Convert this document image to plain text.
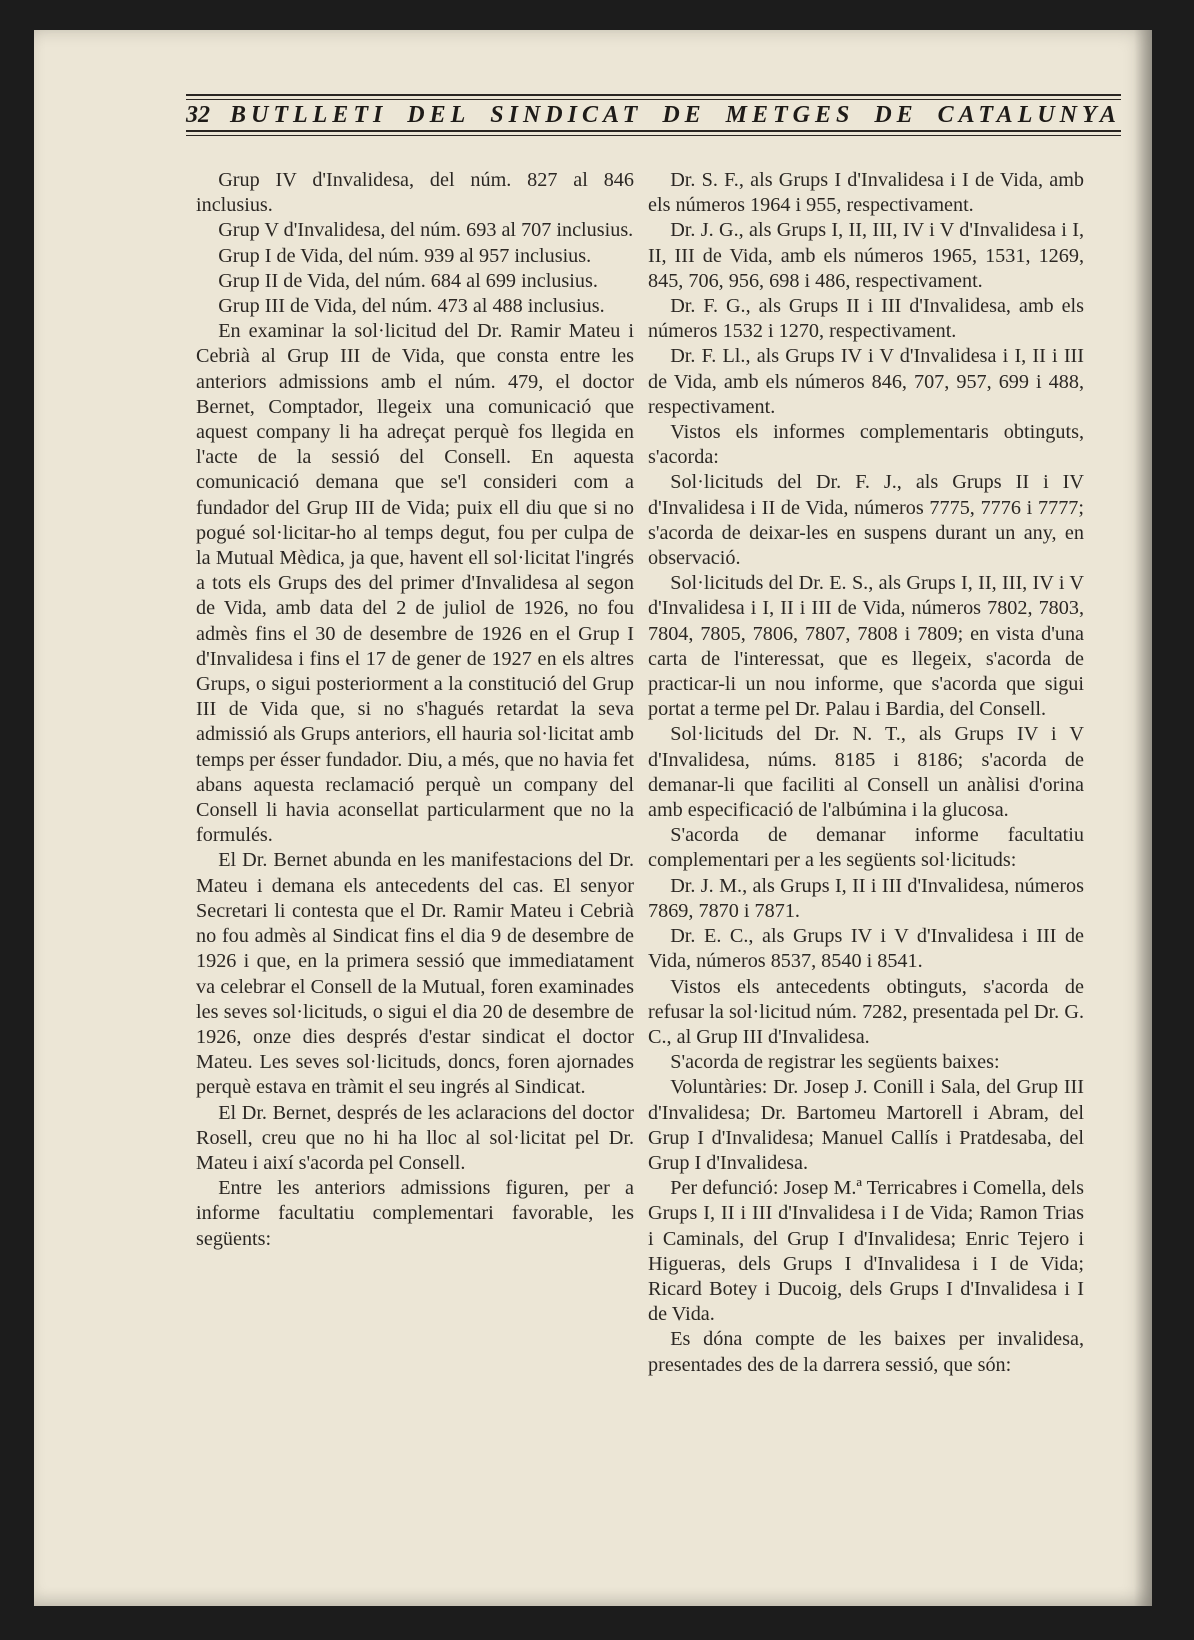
32 BUTLLETI DEL SINDICAT DE METGES DE CATALUNYA

Grup IV d'Invalidesa, del núm. 827 al 846 inclusius.

Grup V d'Invalidesa, del núm. 693 al 707 inclusius.

Grup I de Vida, del núm. 939 al 957 inclusius.

Grup II de Vida, del núm. 684 al 699 inclusius.

Grup III de Vida, del núm. 473 al 488 inclusius.

En examinar la sol·licitud del Dr. Ramir Mateu i Cebrià al Grup III de Vida, que consta entre les anteriors admissions amb el núm. 479, el doctor Bernet, Comptador, llegeix una comunicació que aquest company li ha adreçat perquè fos llegida en l'acte de la sessió del Consell. En aquesta comunicació demana que se'l consideri com a fundador del Grup III de Vida; puix ell diu que si no pogué sol·licitar-ho al temps degut, fou per culpa de la Mutual Mèdica, ja que, havent ell sol·licitat l'ingrés a tots els Grups des del primer d'Invalidesa al segon de Vida, amb data del 2 de juliol de 1926, no fou admès fins el 30 de desembre de 1926 en el Grup I d'Invalidesa i fins el 17 de gener de 1927 en els altres Grups, o sigui posteriorment a la constitució del Grup III de Vida que, si no s'hagués retardat la seva admissió als Grups anteriors, ell hauria sol·licitat amb temps per ésser fundador. Diu, a més, que no havia fet abans aquesta reclamació perquè un company del Consell li havia aconsellat particularment que no la formulés.

El Dr. Bernet abunda en les manifestacions del Dr. Mateu i demana els antecedents del cas. El senyor Secretari li contesta que el Dr. Ramir Mateu i Cebrià no fou admès al Sindicat fins el dia 9 de desembre de 1926 i que, en la primera sessió que immediatament va celebrar el Consell de la Mutual, foren examinades les seves sol·licituds, o sigui el dia 20 de desembre de 1926, onze dies després d'estar sindicat el doctor Mateu. Les seves sol·licituds, doncs, foren ajornades perquè estava en tràmit el seu ingrés al Sindicat.

El Dr. Bernet, després de les aclaracions del doctor Rosell, creu que no hi ha lloc al sol·licitat pel Dr. Mateu i així s'acorda pel Consell.

Entre les anteriors admissions figuren, per a informe facultatiu complementari favorable, les següents:

Dr. S. F., als Grups I d'Invalidesa i I de Vida, amb els números 1964 i 955, respectivament.

Dr. J. G., als Grups I, II, III, IV i V d'Invalidesa i I, II, III de Vida, amb els números 1965, 1531, 1269, 845, 706, 956, 698 i 486, respectivament.

Dr. F. G., als Grups II i III d'Invalidesa, amb els números 1532 i 1270, respectivament.

Dr. F. Ll., als Grups IV i V d'Invalidesa i I, II i III de Vida, amb els números 846, 707, 957, 699 i 488, respectivament.

Vistos els informes complementaris obtinguts, s'acorda:

Sol·licituds del Dr. F. J., als Grups II i IV d'Invalidesa i II de Vida, números 7775, 7776 i 7777; s'acorda de deixar-les en suspens durant un any, en observació.

Sol·licituds del Dr. E. S., als Grups I, II, III, IV i V d'Invalidesa i I, II i III de Vida, números 7802, 7803, 7804, 7805, 7806, 7807, 7808 i 7809; en vista d'una carta de l'interessat, que es llegeix, s'acorda de practicar-li un nou informe, que s'acorda que sigui portat a terme pel Dr. Palau i Bardia, del Consell.

Sol·licituds del Dr. N. T., als Grups IV i V d'Invalidesa, núms. 8185 i 8186; s'acorda de demanar-li que faciliti al Consell un anàlisi d'orina amb especificació de l'albúmina i la glucosa.

S'acorda de demanar informe facultatiu complementari per a les següents sol·licituds:

Dr. J. M., als Grups I, II i III d'Invalidesa, números 7869, 7870 i 7871.

Dr. E. C., als Grups IV i V d'Invalidesa i III de Vida, números 8537, 8540 i 8541.

Vistos els antecedents obtinguts, s'acorda de refusar la sol·licitud núm. 7282, presentada pel Dr. G. C., al Grup III d'Invalidesa.

S'acorda de registrar les següents baixes:

Voluntàries: Dr. Josep J. Conill i Sala, del Grup III d'Invalidesa; Dr. Bartomeu Martorell i Abram, del Grup I d'Invalidesa; Manuel Callís i Pratdesaba, del Grup I d'Invalidesa.

Per defunció: Josep M.ª Terricabres i Comella, dels Grups I, II i III d'Invalidesa i I de Vida; Ramon Trias i Caminals, del Grup I d'Invalidesa; Enric Tejero i Higueras, dels Grups I d'Invalidesa i I de Vida; Ricard Botey i Ducoig, dels Grups I d'Invalidesa i I de Vida.

Es dóna compte de les baixes per invalidesa, presentades des de la darrera sessió, que són:
